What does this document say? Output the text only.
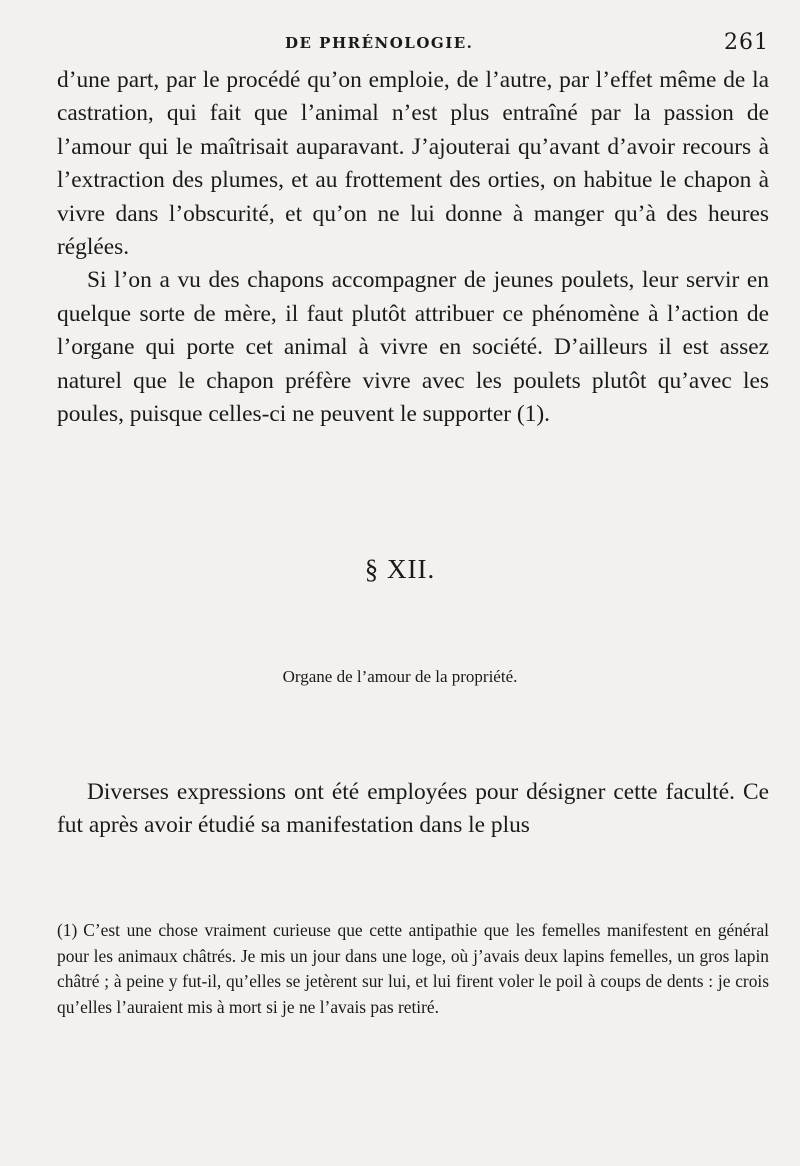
DE PHRÉNOLOGIE.	261

d’une part, par le procédé qu’on emploie, de l’autre, par l’effet même de la castration, qui fait que l’animal n’est plus entraîné par la passion de l’amour qui le maîtrisait auparavant. J’ajouterai qu’avant d’avoir recours à l’extraction des plumes, et au frottement des orties, on habitue le chapon à vivre dans l’obscurité, et qu’on ne lui donne à manger qu’à des heures réglées.

Si l’on a vu des chapons accompagner de jeunes poulets, leur servir en quelque sorte de mère, il faut plutôt attribuer ce phénomène à l’action de l’organe qui porte cet animal à vivre en société. D’ailleurs il est assez naturel que le chapon préfère vivre avec les poulets plutôt qu’avec les poules, puisque celles-ci ne peuvent le supporter (1).

§ XII.
Organe de l’amour de la propriété.

Diverses expressions ont été employées pour désigner cette faculté. Ce fut après avoir étudié sa manifestation dans le plus

(1) C’est une chose vraiment curieuse que cette antipathie que les femelles manifestent en général pour les animaux châtrés. Je mis un jour dans une loge, où j’avais deux lapins femelles, un gros lapin châtré ; à peine y fut-il, qu’elles se jetèrent sur lui, et lui firent voler le poil à coups de dents : je crois qu’elles l’auraient mis à mort si je ne l’avais pas retiré.
